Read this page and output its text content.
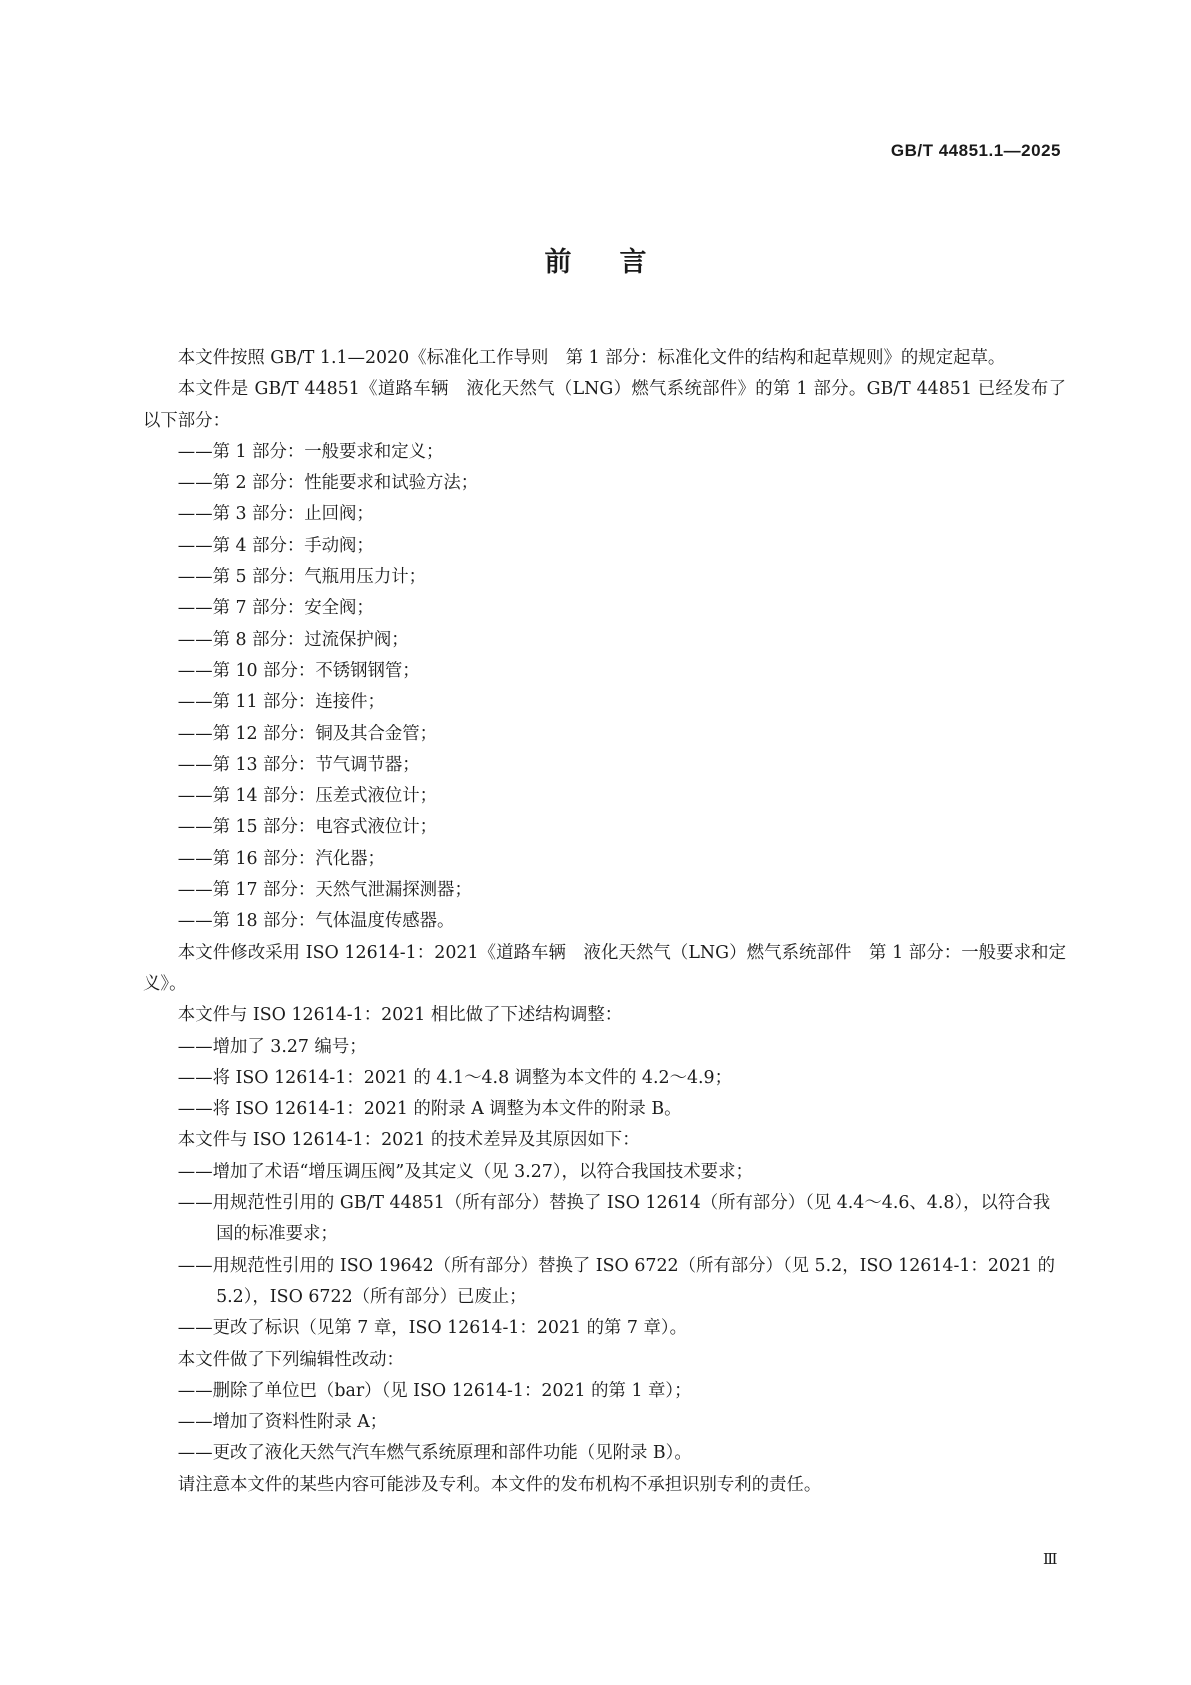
GB/T 44851.1—2025
前言

本文件按照 GB/T 1.1—2020《标准化工作导则　第 1 部分：标准化文件的结构和起草规则》的规定起草。

本文件是 GB/T 44851《道路车辆　液化天然气（LNG）燃气系统部件》的第 1 部分。GB/T 44851 已经发布了以下部分：

——第 1 部分：一般要求和定义；
——第 2 部分：性能要求和试验方法；
——第 3 部分：止回阀；
——第 4 部分：手动阀；
——第 5 部分：气瓶用压力计；
——第 7 部分：安全阀；
——第 8 部分：过流保护阀；
——第 10 部分：不锈钢钢管；
——第 11 部分：连接件；
——第 12 部分：铜及其合金管；
——第 13 部分：节气调节器；
——第 14 部分：压差式液位计；
——第 15 部分：电容式液位计；
——第 16 部分：汽化器；
——第 17 部分：天然气泄漏探测器；
——第 18 部分：气体温度传感器。

本文件修改采用 ISO 12614-1：2021《道路车辆　液化天然气（LNG）燃气系统部件　第 1 部分：一般要求和定义》。

本文件与 ISO 12614-1：2021 相比做了下述结构调整：

——增加了 3.27 编号；
——将 ISO 12614-1：2021 的 4.1～4.8 调整为本文件的 4.2～4.9；
——将 ISO 12614-1：2021 的附录 A 调整为本文件的附录 B。

本文件与 ISO 12614-1：2021 的技术差异及其原因如下：

——增加了术语“增压调压阀”及其定义（见 3.27），以符合我国技术要求；
——用规范性引用的 GB/T 44851（所有部分）替换了 ISO 12614（所有部分）（见 4.4～4.6、4.8），以符合我国的标准要求；
——用规范性引用的 ISO 19642（所有部分）替换了 ISO 6722（所有部分）（见 5.2，ISO 12614-1：2021 的 5.2），ISO 6722（所有部分）已废止；
——更改了标识（见第 7 章，ISO 12614-1：2021 的第 7 章）。

本文件做了下列编辑性改动：

——删除了单位巴（bar）（见 ISO 12614-1：2021 的第 1 章）；
——增加了资料性附录 A；
——更改了液化天然气汽车燃气系统原理和部件功能（见附录 B）。

请注意本文件的某些内容可能涉及专利。本文件的发布机构不承担识别专利的责任。

Ⅲ
